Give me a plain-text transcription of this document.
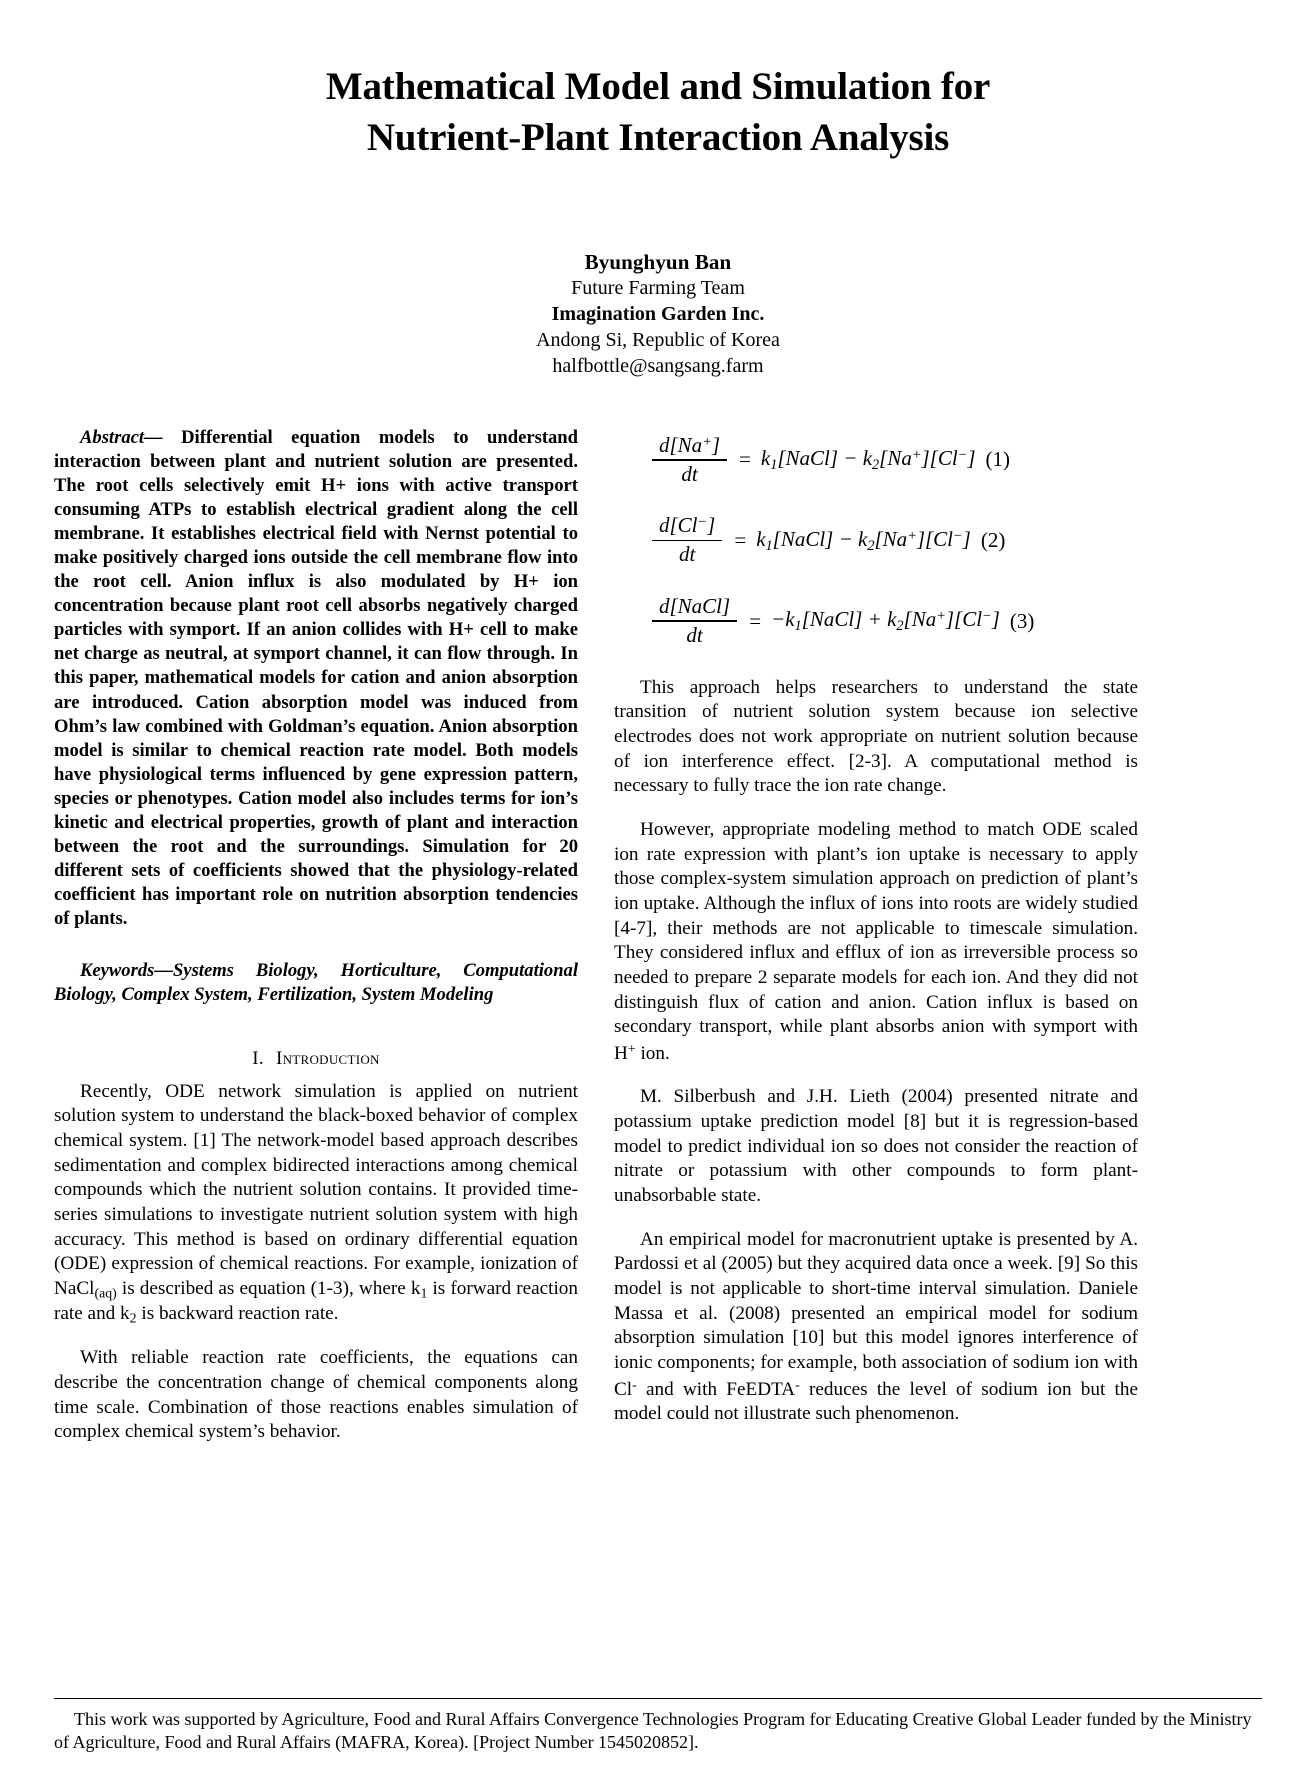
Mathematical Model and Simulation for
Nutrient-Plant Interaction Analysis
Byunghyun Ban
Future Farming Team
Imagination Garden Inc.
Andong Si, Republic of Korea
halfbottle@sangsang.farm

Abstract— Differential equation models to understand interaction between plant and nutrient solution are presented. The root cells selectively emit H+ ions with active transport consuming ATPs to establish electrical gradient along the cell membrane. It establishes electrical field with Nernst potential to make positively charged ions outside the cell membrane flow into the root cell. Anion influx is also modulated by H+ ion concentration because plant root cell absorbs negatively charged particles with symport. If an anion collides with H+ cell to make net charge as neutral, at symport channel, it can flow through. In this paper, mathematical models for cation and anion absorption are introduced. Cation absorption model was induced from Ohm’s law combined with Goldman’s equation. Anion absorption model is similar to chemical reaction rate model. Both models have physiological terms influenced by gene expression pattern, species or phenotypes. Cation model also includes terms for ion’s kinetic and electrical properties, growth of plant and interaction between the root and the surroundings. Simulation for 20 different sets of coefficients showed that the physiology-related coefficient has important role on nutrition absorption tendencies of plants.

Keywords—Systems Biology, Horticulture, Computational Biology, Complex System, Fertilization, System Modeling

I. Introduction

Recently, ODE network simulation is applied on nutrient solution system to understand the black-boxed behavior of complex chemical system. [1] The network-model based approach describes sedimentation and complex bidirected interactions among chemical compounds which the nutrient solution contains. It provided time-series simulations to investigate nutrient solution system with high accuracy. This method is based on ordinary differential equation (ODE) expression of chemical reactions. For example, ionization of NaCl$_{(aq)}$ is described as equation (1-3), where $k_1$ is forward reaction rate and $k_2$ is backward reaction rate.

With reliable reaction rate coefficients, the equations can describe the concentration change of chemical components along time scale. Combination of those reactions enables simulation of complex chemical system’s behavior.

$\frac{d[Na^+]}{dt}$ = k1[NaCl] − k2[Na+][Cl−] (1)
$\frac{d[Cl^-]}{dt}$ = k1[NaCl] − k2[Na+][Cl−] (2)
$\frac{\text{d[NaCl]}}{dt}$ = −k1[NaCl] + k2[Na+][Cl−] (3)

This approach helps researchers to understand the state transition of nutrient solution system because ion selective electrodes does not work appropriate on nutrient solution because of ion interference effect. [2-3]. A computational method is necessary to fully trace the ion rate change.

However, appropriate modeling method to match ODE scaled ion rate expression with plant’s ion uptake is necessary to apply those complex-system simulation approach on prediction of plant’s ion uptake. Although the influx of ions into roots are widely studied [4-7], their methods are not applicable to timescale simulation. They considered influx and efflux of ion as irreversible process so needed to prepare 2 separate models for each ion. And they did not distinguish flux of cation and anion. Cation influx is based on secondary transport, while plant absorbs anion with symport with H+ ion.

M. Silberbush and J.H. Lieth (2004) presented nitrate and potassium uptake prediction model [8] but it is regression-based model to predict individual ion so does not consider the reaction of nitrate or potassium with other compounds to form plant-unabsorbable state.

An empirical model for macronutrient uptake is presented by A. Pardossi et al (2005) but they acquired data once a week. [9] So this model is not applicable to short-time interval simulation. Daniele Massa et al. (2008) presented an empirical model for sodium absorption simulation [10] but this model ignores interference of ionic components; for example, both association of sodium ion with Cl- and with FeEDTA- reduces the level of sodium ion but the model could not illustrate such phenomenon.

This work was supported by Agriculture, Food and Rural Affairs Convergence Technologies Program for Educating Creative Global Leader funded by the Ministry of Agriculture, Food and Rural Affairs (MAFRA, Korea). [Project Number 1545020852].
